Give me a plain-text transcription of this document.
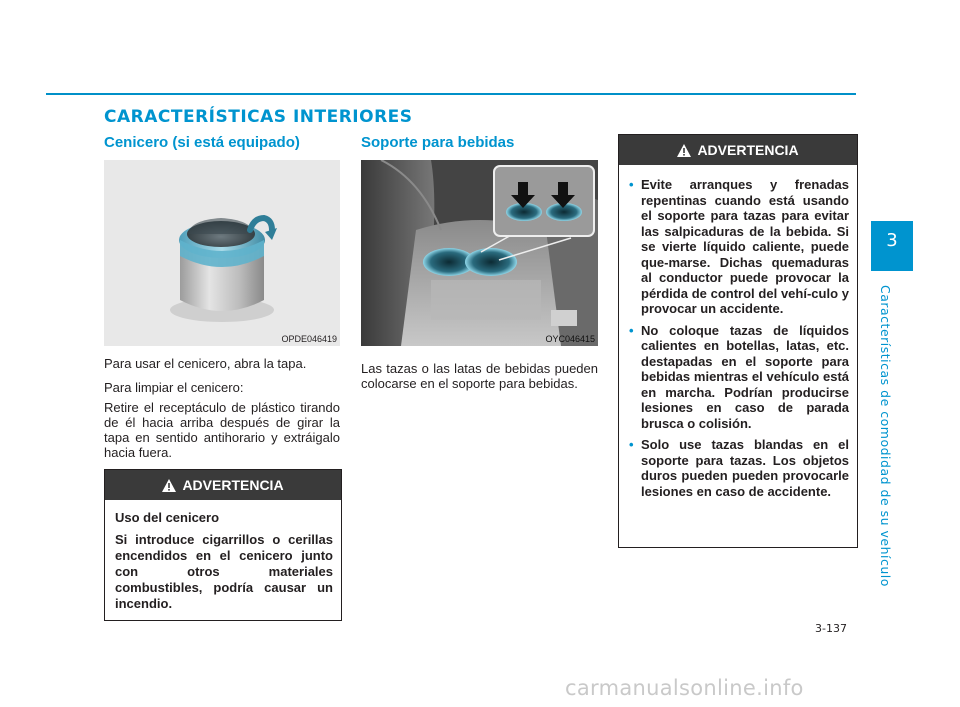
CARACTERÍSTICAS INTERIORES
Cenicero (si está equipado)
OPDE046419
Para usar el cenicero, abra la tapa.
Para limpiar el cenicero:
Retire el receptáculo de plástico tirando de él hacia arriba después de girar la tapa en sentido antihorario y extráigalo hacia fuera.
ADVERTENCIA

Uso del cenicero

Si introduce cigarrillos o cerillas encendidos en el cenicero junto con otros materiales combustibles, podría causar un incendio.

Soporte para bebidas
OYC046415
Las tazas o las latas de bebidas pueden colocarse en el soporte para bebidas.
ADVERTENCIA
• Evite arranques y frenadas repentinas cuando está usando el soporte para tazas para evitar las salpicaduras de la bebida. Si se vierte líquido caliente, puede que-marse. Dichas quemaduras al conductor puede provocar la pérdida de control del vehí-culo y provocar un accidente.
• No coloque tazas de líquidos calientes en botellas, latas, etc. destapadas en el soporte para bebidas mientras el vehículo está en marcha. Podrían producirse lesiones en caso de parada brusca o colisión.
• Solo use tazas blandas en el soporte para tazas. Los objetos duros pueden pueden provocarle lesiones en caso de accidente.
3
Características de comodidad de su vehículo
3-137
carmanualsonline.info
